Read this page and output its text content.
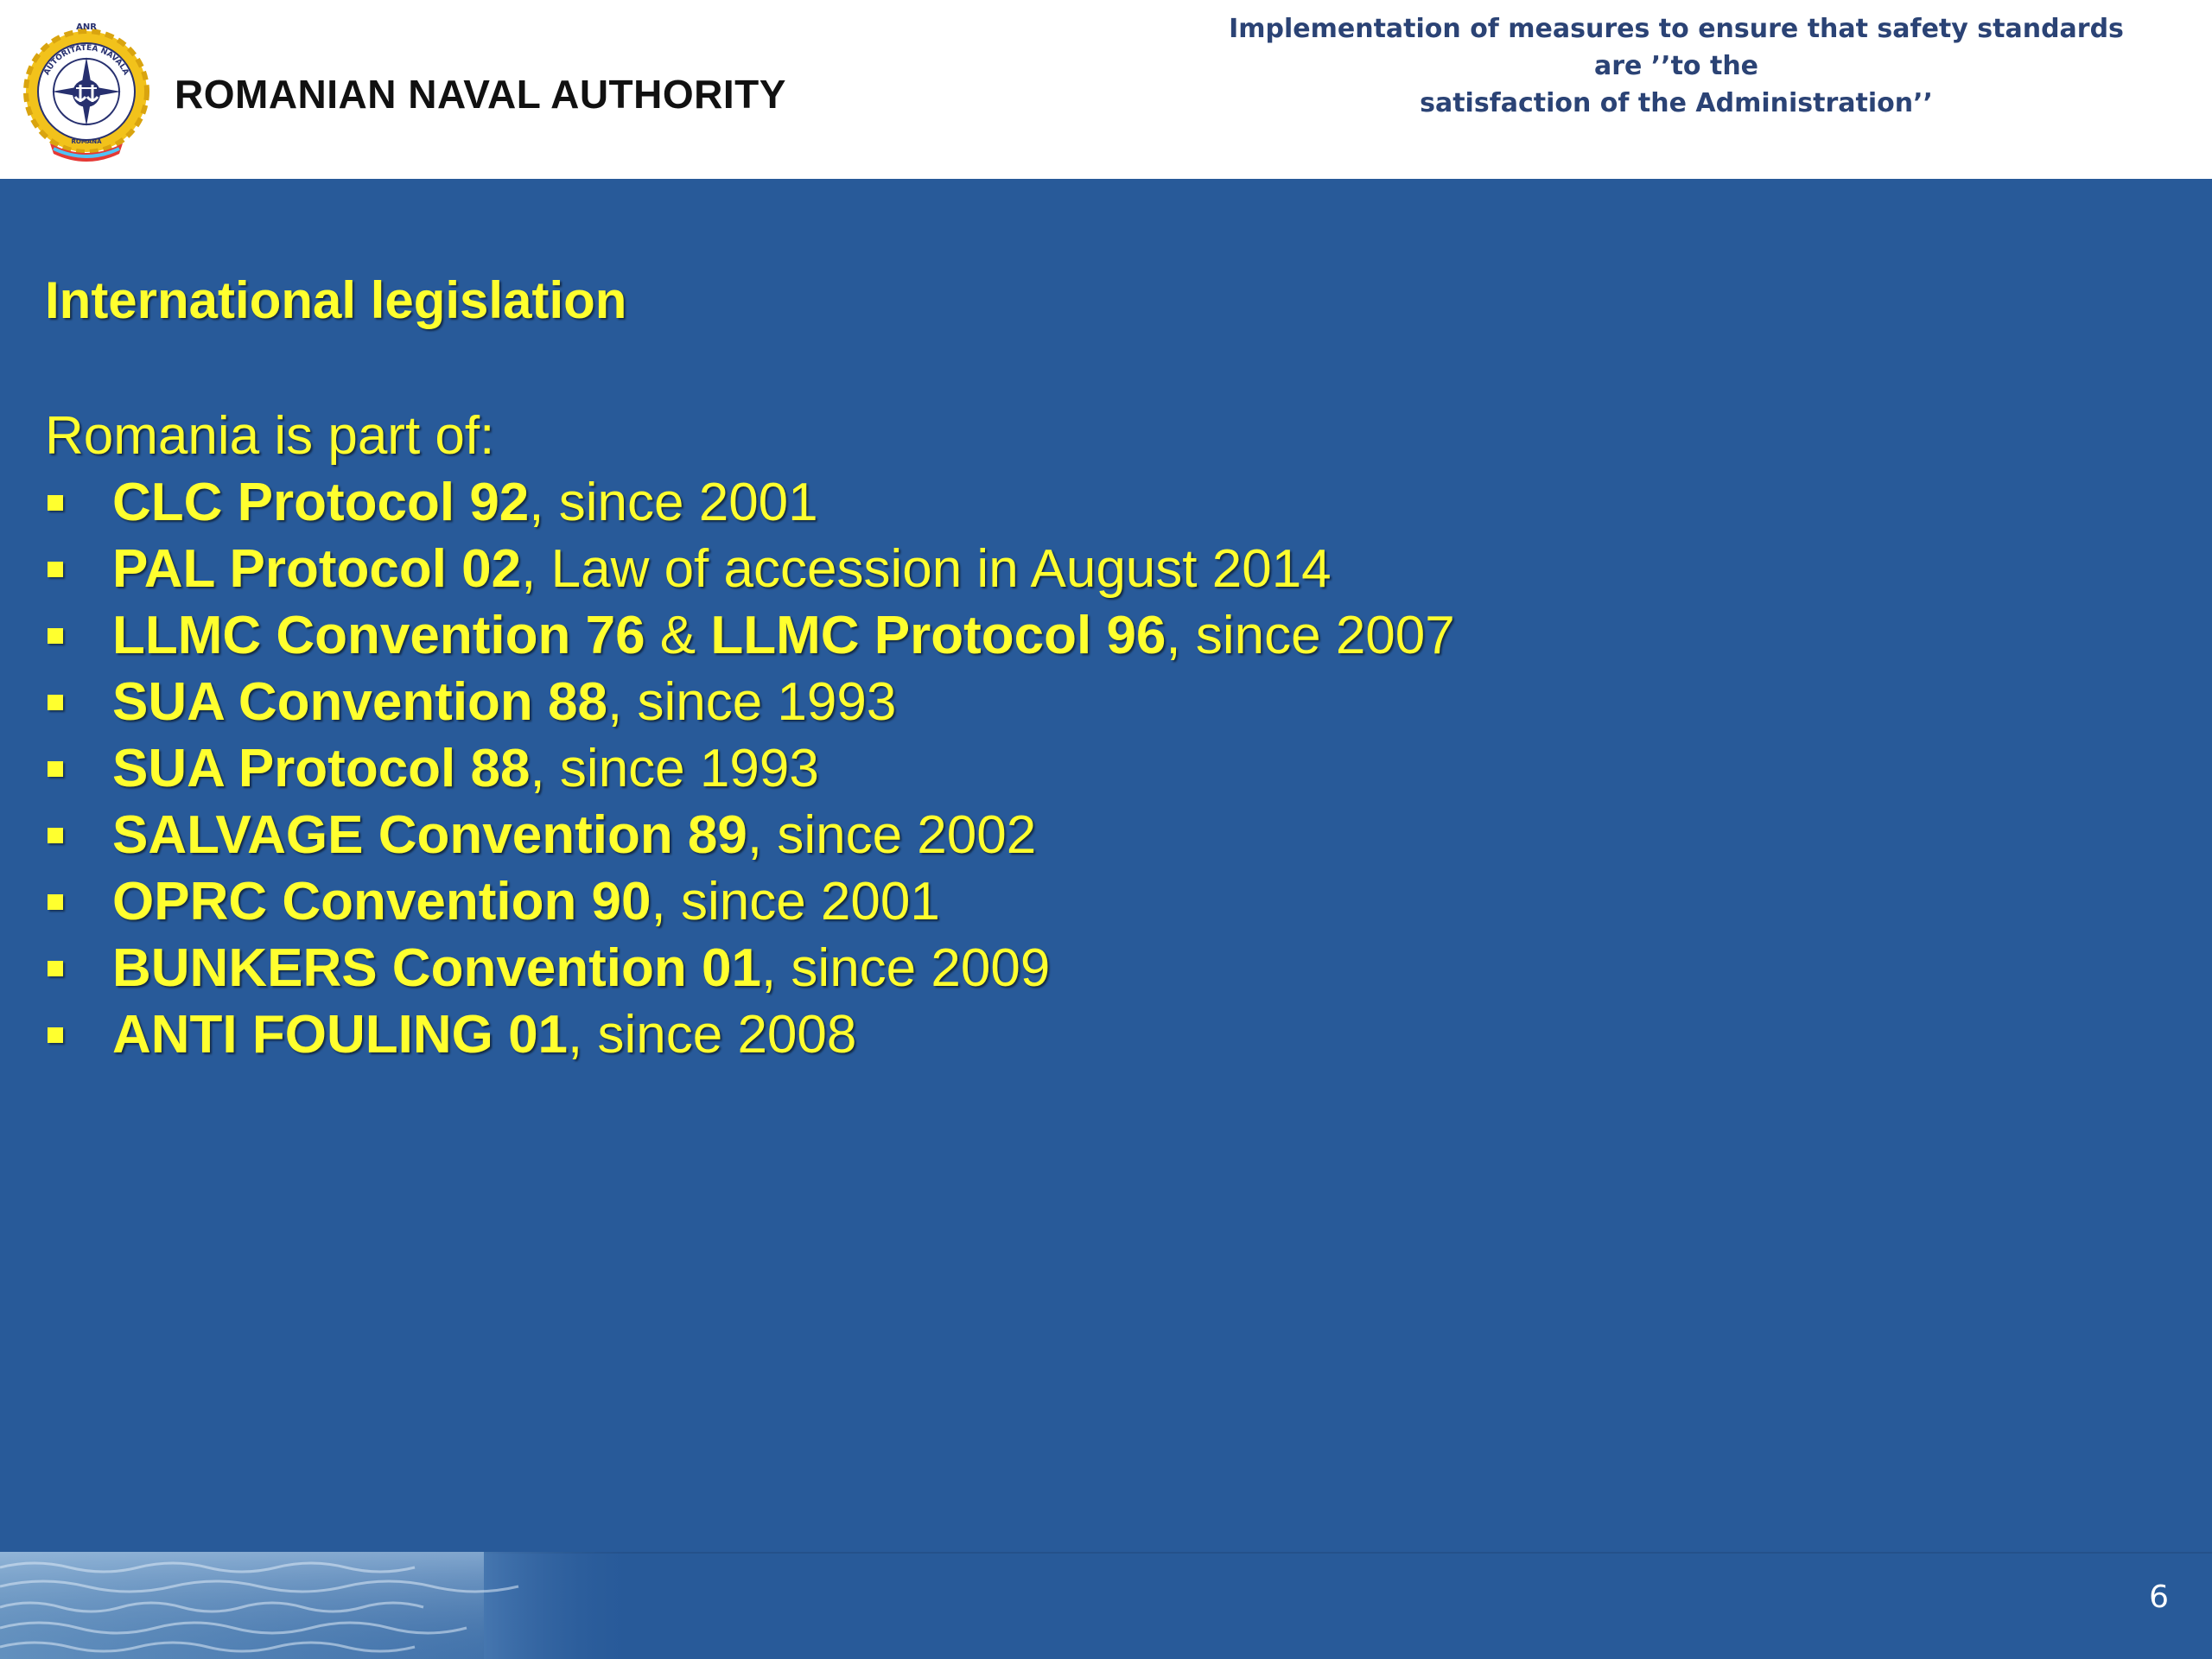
AUTORITATEA NAVALĂ
ANR
ROMANA
ROMANIAN NAVAL AUTHORITY
Implementation of measures to ensure that safety standards are ’’to the
satisfaction of the Administration’’
International legislation

Romania is part of:

CLC Protocol 92, since 2001
PAL Protocol 02, Law of accession in August 2014
LLMC Convention 76 & LLMC Protocol 96, since 2007
SUA Convention 88, since 1993
SUA Protocol 88, since 1993
SALVAGE Convention 89, since 2002
OPRC Convention 90, since 2001
BUNKERS Convention 01, since 2009
ANTI FOULING 01, since 2008
6
